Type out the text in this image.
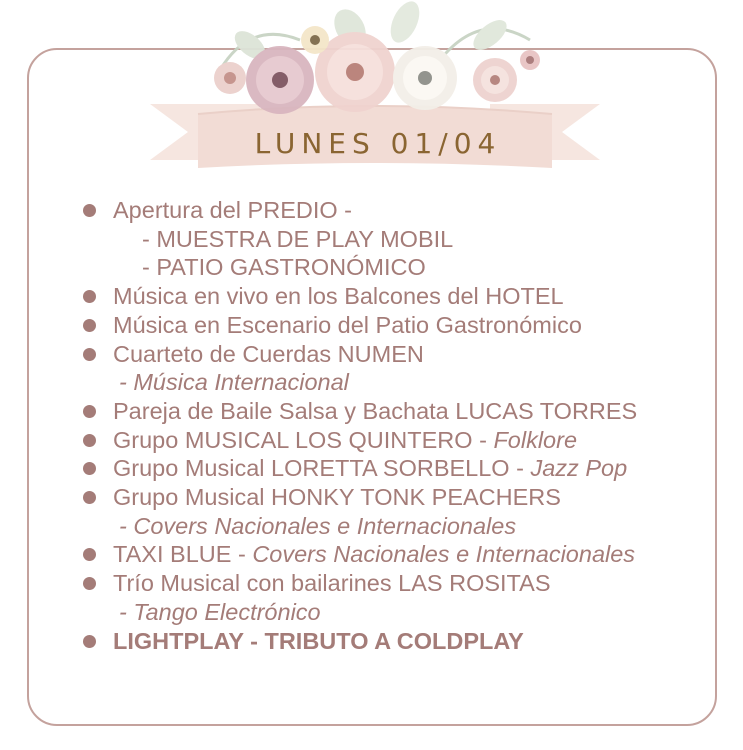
LUNES 01/04
Apertura del PREDIO -
- MUESTRA DE PLAY MOBIL
- PATIO GASTRONÓMICO
Música en vivo en los Balcones del HOTEL
Música en Escenario del Patio Gastronómico
Cuarteto de Cuerdas NUMEN
- Música Internacional
Pareja de Baile Salsa y Bachata LUCAS TORRES
Grupo MUSICAL LOS QUINTERO - Folklore
Grupo Musical LORETTA SORBELLO - Jazz Pop
Grupo Musical HONKY TONK PEACHERS
- Covers Nacionales e Internacionales
TAXI BLUE - Covers Nacionales e Internacionales
Trío Musical con bailarines LAS ROSITAS
- Tango Electrónico
LIGHTPLAY - TRIBUTO A COLDPLAY
